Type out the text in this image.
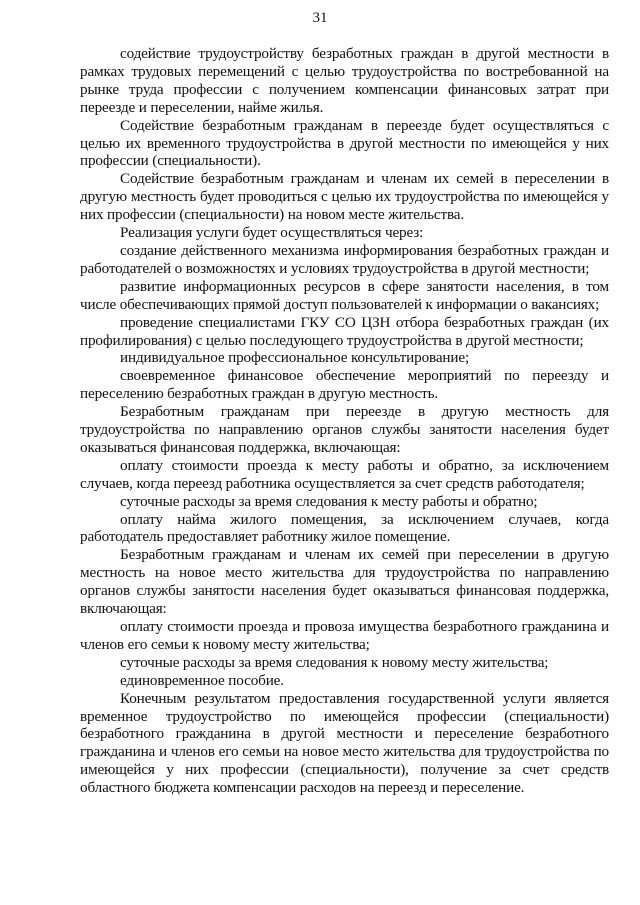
31

содействие трудоустройству безработных граждан в другой местности в рамках трудовых перемещений с целью трудоустройства по востребованной на рынке труда профессии с получением компенсации финансовых затрат при переезде и переселении, найме жилья.

Содействие безработным гражданам в переезде будет осуществляться с целью их временного трудоустройства в другой местности по имеющейся у них профессии (специальности).

Содействие безработным гражданам и членам их семей в переселении в другую местность будет проводиться с целью их трудоустройства по имеющейся у них профессии (специальности) на новом месте жительства.

Реализация услуги будет осуществляться через:

создание действенного механизма информирования безработных граждан и работодателей о возможностях и условиях трудоустройства в другой местности;

развитие информационных ресурсов в сфере занятости населения, в том числе обеспечивающих прямой доступ пользователей к информации о вакансиях;

проведение специалистами ГКУ СО ЦЗН отбора безработных граждан (их профилирования) с целью последующего трудоустройства в другой местности;

индивидуальное профессиональное консультирование;

своевременное финансовое обеспечение мероприятий по переезду и переселению безработных граждан в другую местность.

Безработным гражданам при переезде в другую местность для трудоустройства по направлению органов службы занятости населения будет оказываться финансовая поддержка, включающая:

оплату стоимости проезда к месту работы и обратно, за исключением случаев, когда переезд работника осуществляется за счет средств работодателя;

суточные расходы за время следования к месту работы и обратно;

оплату найма жилого помещения, за исключением случаев, когда работодатель предоставляет работнику жилое помещение.

Безработным гражданам и членам их семей при переселении в другую местность на новое место жительства для трудоустройства по направлению органов службы занятости населения будет оказываться финансовая поддержка, включающая:

оплату стоимости проезда и провоза имущества безработного гражданина и членов его семьи к новому месту жительства;

суточные расходы за время следования к новому месту жительства;

единовременное пособие.

Конечным результатом предоставления государственной услуги является временное трудоустройство по имеющейся профессии (специальности) безработного гражданина в другой местности и переселение безработного гражданина и членов его семьи на новое место жительства для трудоустройства по имеющейся у них профессии (специальности), получение за счет средств областного бюджета компенсации расходов на переезд и переселение.
